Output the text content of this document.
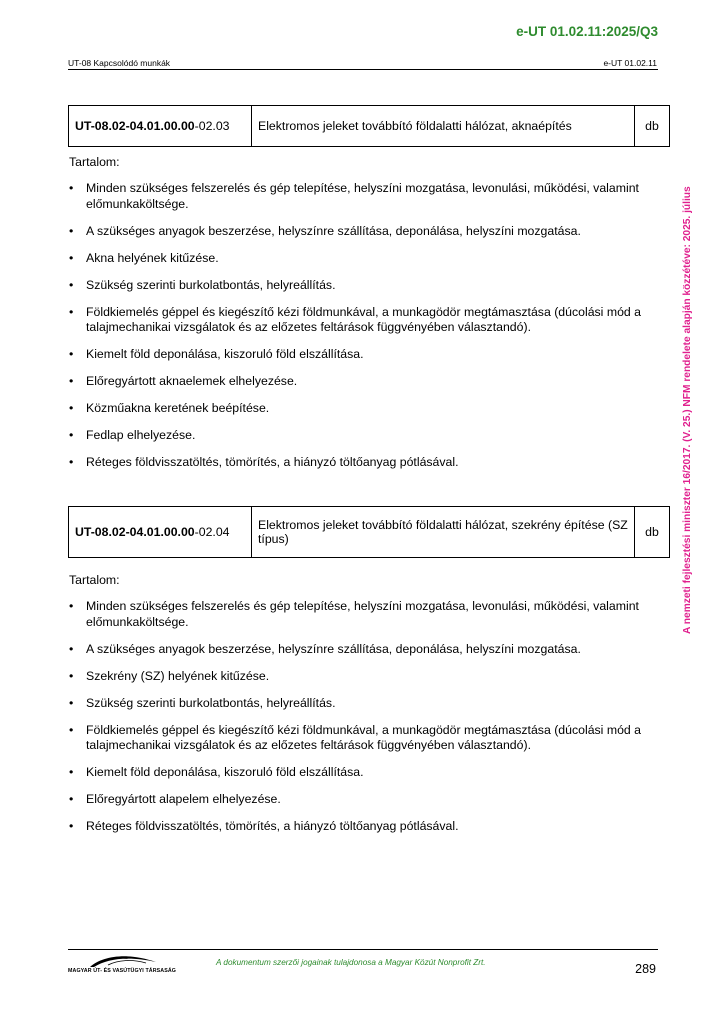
e-UT 01.02.11:2025/Q3
UT-08 Kapcsolódó munkák	e-UT 01.02.11
A nemzeti fejlesztési miniszter 16/2017. (V. 25.) NFM rendelete alapján közzétéve: 2025. július
UT-08.02-04.01.00.00-02.03	Elektromos jeleket továbbító földalatti hálózat, aknaépítés	db
Tartalom:
• Minden szükséges felszerelés és gép telepítése, helyszíni mozgatása, levonulási, működési, valamint előmunkaköltsége.
• A szükséges anyagok beszerzése, helyszínre szállítása, deponálása, helyszíni mozgatása.
• Akna helyének kitűzése.
• Szükség szerinti burkolatbontás, helyreállítás.
• Földkiemelés géppel és kiegészítő kézi földmunkával, a munkagödör megtámasztása (dúcolási mód a talajmechanikai vizsgálatok és az előzetes feltárások függvényében választandó).
• Kiemelt föld deponálása, kiszoruló föld elszállítása.
• Előregyártott aknaelemek elhelyezése.
• Közműakna keretének beépítése.
• Fedlap elhelyezése.
• Réteges földvisszatöltés, tömörítés, a hiányzó töltőanyag pótlásával.
UT-08.02-04.01.00.00-02.04	Elektromos jeleket továbbító földalatti hálózat, szekrény építése (SZ típus)	db
Tartalom:
• Minden szükséges felszerelés és gép telepítése, helyszíni mozgatása, levonulási, működési, valamint előmunkaköltsége.
• A szükséges anyagok beszerzése, helyszínre szállítása, deponálása, helyszíni mozgatása.
• Szekrény (SZ) helyének kitűzése.
• Szükség szerinti burkolatbontás, helyreállítás.
• Földkiemelés géppel és kiegészítő kézi földmunkával, a munkagödör megtámasztása (dúcolási mód a talajmechanikai vizsgálatok és az előzetes feltárások függvényében választandó).
• Kiemelt föld deponálása, kiszoruló föld elszállítása.
• Előregyártott alapelem elhelyezése.
• Réteges földvisszatöltés, tömörítés, a hiányzó töltőanyag pótlásával.
MAGYAR ÚT- ÉS VASÚTÜGYI TÁRSASÁG
A dokumentum szerzői jogainak tulajdonosa a Magyar Közút Nonprofit Zrt.	289
